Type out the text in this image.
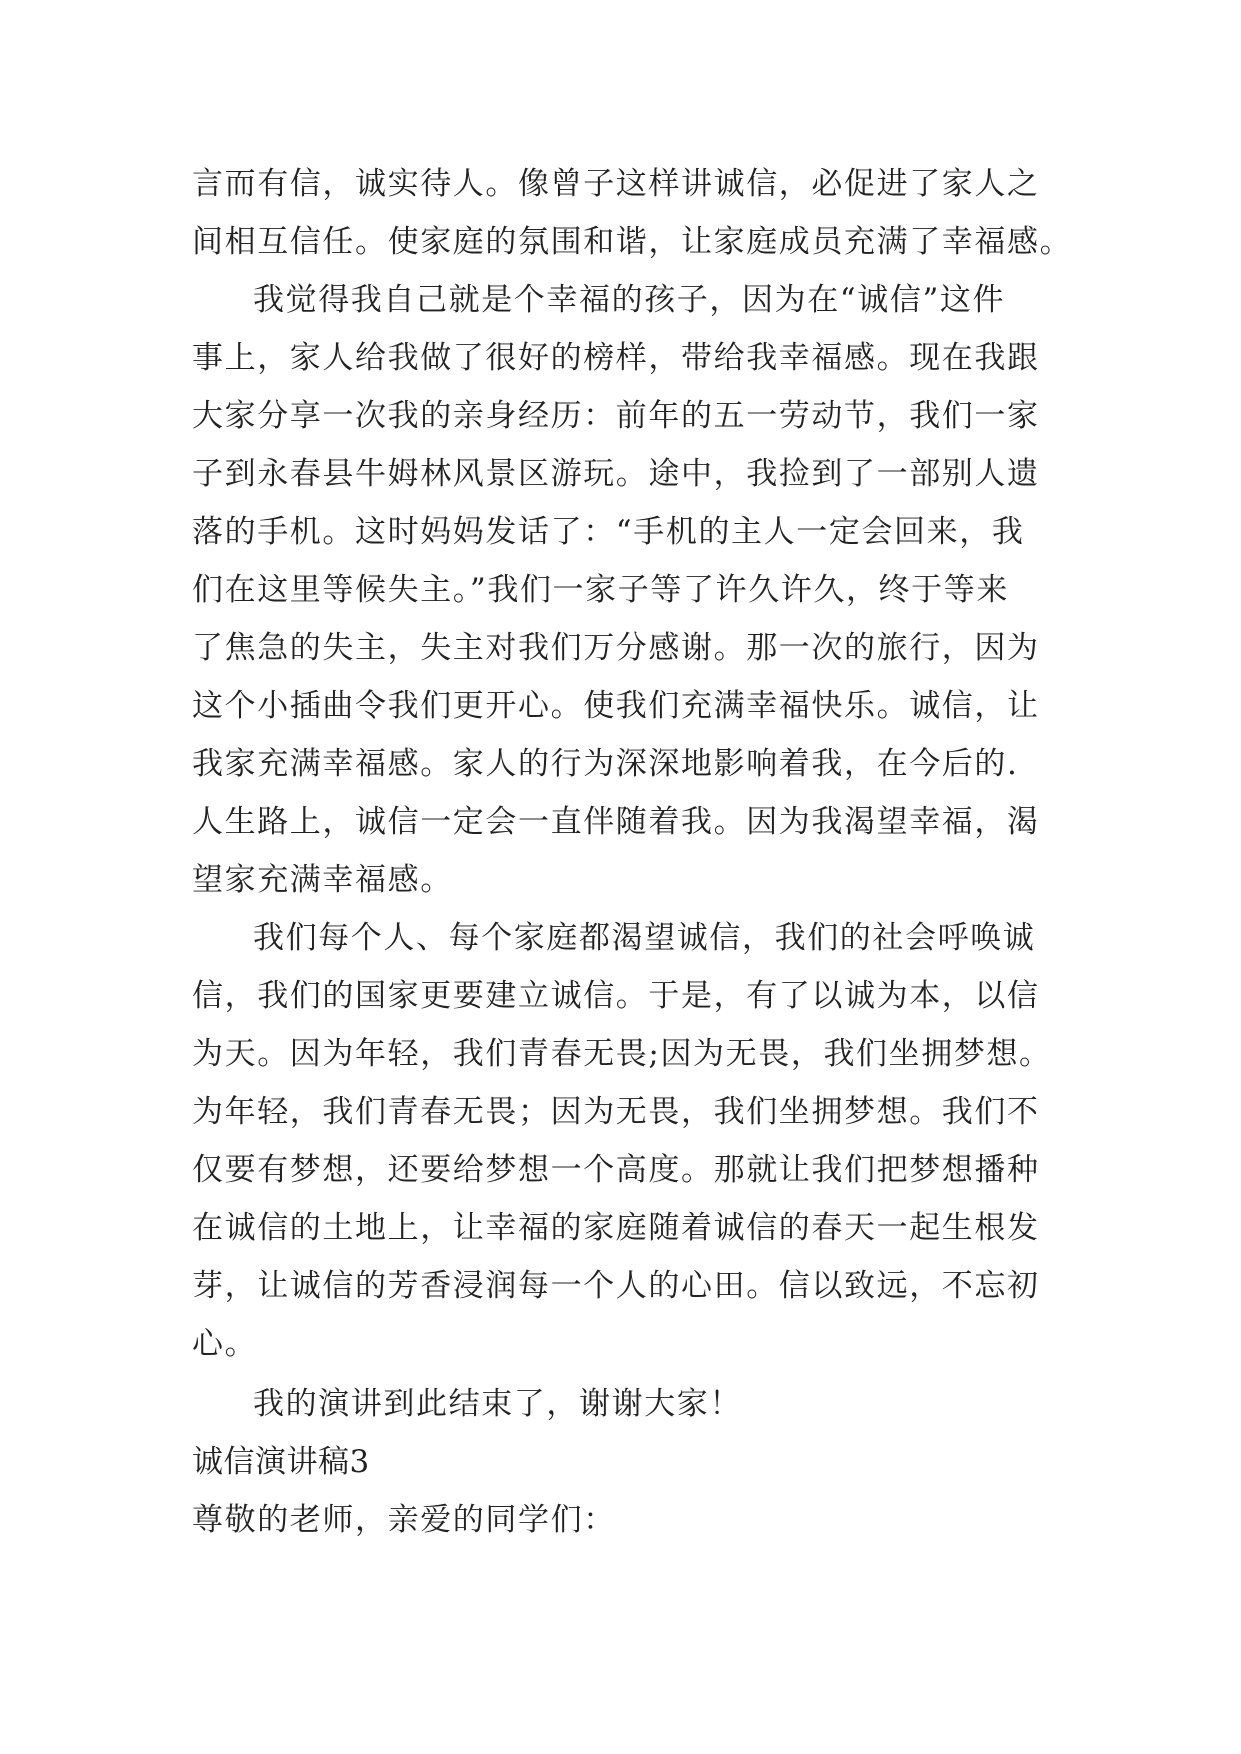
言而有信，诚实待人。像曾子这样讲诚信，必促进了家人之
间相互信任。使家庭的氛围和谐，让家庭成员充满了幸福感。
我觉得我自己就是个幸福的孩子，因为在“诚信”这件
事上，家人给我做了很好的榜样，带给我幸福感。现在我跟
大家分享一次我的亲身经历：前年的五一劳动节，我们一家
子到永春县牛姆林风景区游玩。途中，我捡到了一部别人遗
落的手机。这时妈妈发话了：“手机的主人一定会回来，我
们在这里等候失主。”我们一家子等了许久许久，终于等来
了焦急的失主，失主对我们万分感谢。那一次的旅行，因为
这个小插曲令我们更开心。使我们充满幸福快乐。诚信，让
我家充满幸福感。家人的行为深深地影响着我，在今后的.
人生路上，诚信一定会一直伴随着我。因为我渴望幸福，渴
望家充满幸福感。
我们每个人、每个家庭都渴望诚信，我们的社会呼唤诚
信，我们的国家更要建立诚信。于是，有了以诚为本，以信
为天。因为年轻，我们青春无畏;因为无畏，我们坐拥梦想。
为年轻，我们青春无畏；因为无畏，我们坐拥梦想。我们不
仅要有梦想，还要给梦想一个高度。那就让我们把梦想播种
在诚信的土地上，让幸福的家庭随着诚信的春天一起生根发
芽，让诚信的芳香浸润每一个人的心田。信以致远，不忘初
心。
我的演讲到此结束了，谢谢大家！
诚信演讲稿3
尊敬的老师，亲爱的同学们：
